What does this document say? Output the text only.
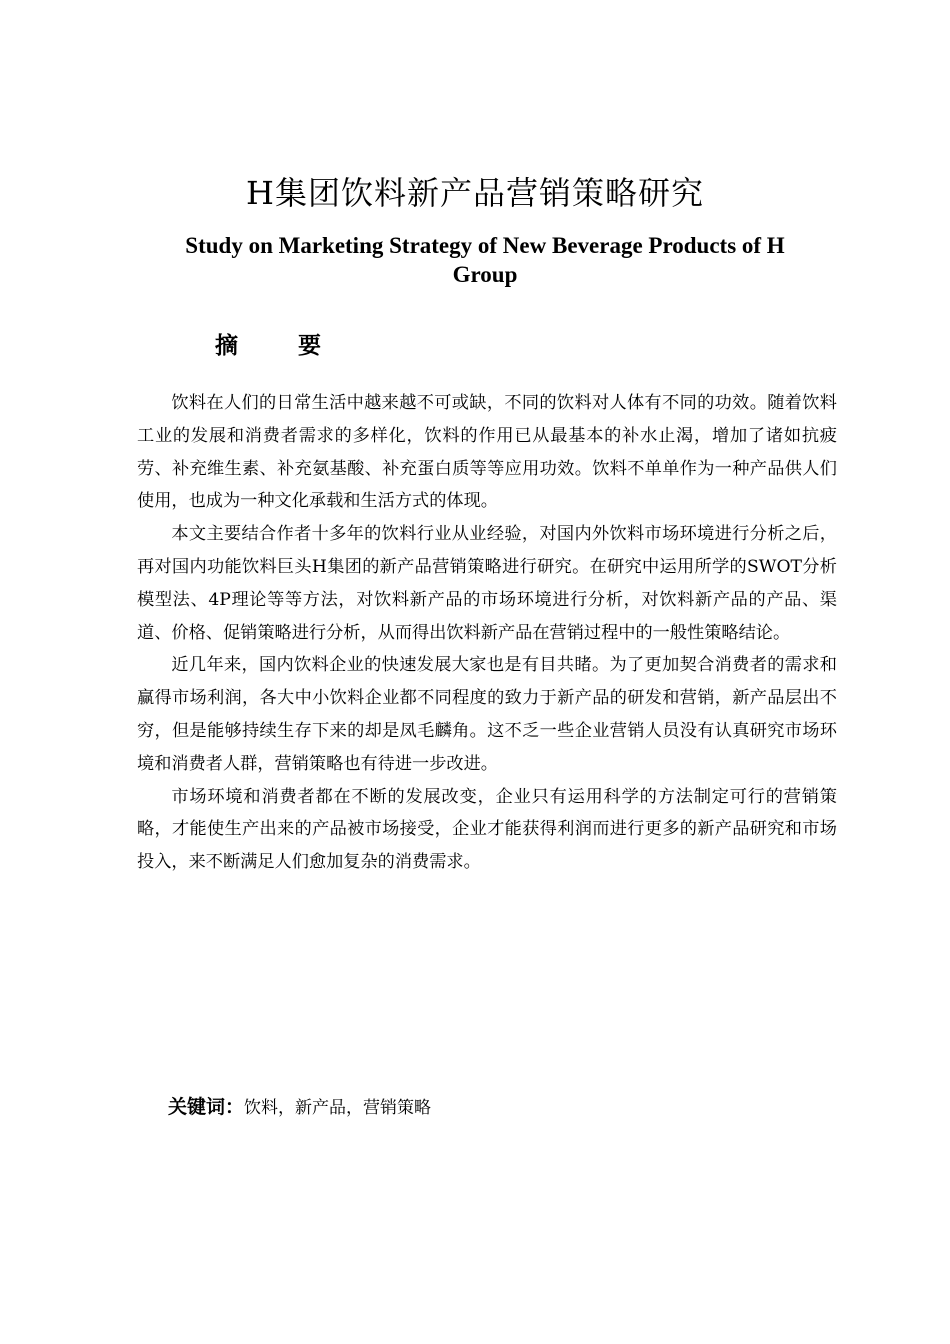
H集团饮料新产品营销策略研究
Study on Marketing Strategy of New Beverage Products of H Group
摘	要

饮料在人们的日常生活中越来越不可或缺，不同的饮料对人体有不同的功效。随着饮料工业的发展和消费者需求的多样化，饮料的作用已从最基本的补水止渴，增加了诸如抗疲劳、补充维生素、补充氨基酸、补充蛋白质等等应用功效。饮料不单单作为一种产品供人们使用，也成为一种文化承载和生活方式的体现。

本文主要结合作者十多年的饮料行业从业经验，对国内外饮料市场环境进行分析之后，再对国内功能饮料巨头H集团的新产品营销策略进行研究。在研究中运用所学的SWOT分析模型法、4P理论等等方法，对饮料新产品的市场环境进行分析，对饮料新产品的产品、渠道、价格、促销策略进行分析，从而得出饮料新产品在营销过程中的一般性策略结论。

近几年来，国内饮料企业的快速发展大家也是有目共睹。为了更加契合消费者的需求和赢得市场利润，各大中小饮料企业都不同程度的致力于新产品的研发和营销，新产品层出不穷，但是能够持续生存下来的却是凤毛麟角。这不乏一些企业营销人员没有认真研究市场环境和消费者人群，营销策略也有待进一步改进。

市场环境和消费者都在不断的发展改变，企业只有运用科学的方法制定可行的营销策略，才能使生产出来的产品被市场接受，企业才能获得利润而进行更多的新产品研究和市场投入，来不断满足人们愈加复杂的消费需求。

关键词：饮料，新产品，营销策略
